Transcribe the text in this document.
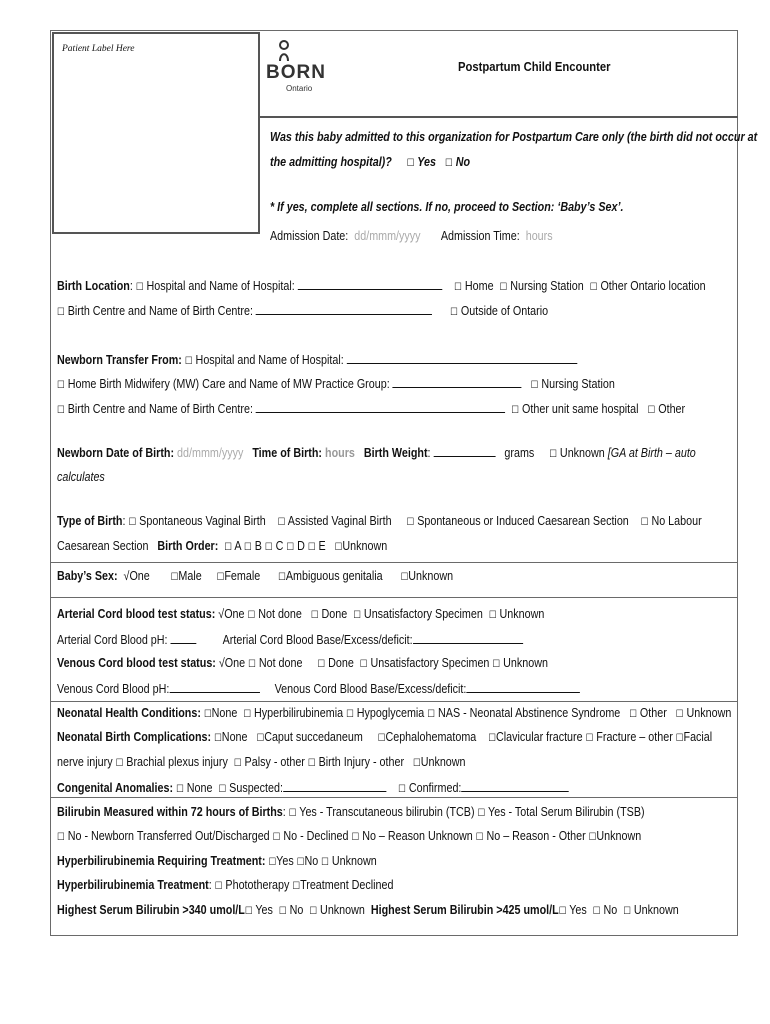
Patient Label Here
BORN
Ontario
Postpartum Child Encounter
Was this baby admitted to this organization for Postpartum Care only (the birth did not occur at
the admitting hospital)? ☐ Yes ☐ No
* If yes, complete all sections. If no, proceed to Section: ‘Baby’s Sex’.
Admission Date: dd/mmm/yyyy Admission Time: hours
Birth Location: ☐ Hospital and Name of Hospital:	☐ Home ☐ Nursing Station ☐ Other Ontario location
☐ Birth Centre and Name of Birth Centre:	☐ Outside of Ontario
Newborn Transfer From: ☐ Hospital and Name of Hospital:
☐ Home Birth Midwifery (MW) Care and Name of MW Practice Group:	☐ Nursing Station
☐ Birth Centre and Name of Birth Centre:	☐ Other unit same hospital ☐ Other
Newborn Date of Birth: dd/mmm/yyyy Time of Birth: hours Birth Weight:	grams ☐ Unknown [GA at Birth – auto
calculates
Type of Birth: ☐ Spontaneous Vaginal Birth ☐ Assisted Vaginal Birth ☐ Spontaneous or Induced Caesarean Section ☐ No Labour
Caesarean Section Birth Order: ☐ A ☐ B ☐ C ☐ D ☐ E ☐Unknown
Baby’s Sex: √One ☐Male ☐Female ☐Ambiguous genitalia ☐Unknown
Arterial Cord blood test status: √One ☐ Not done ☐ Done ☐ Unsatisfactory Specimen ☐ Unknown
Arterial Cord Blood pH:	Arterial Cord Blood Base/Excess/deficit:
Venous Cord blood test status: √One ☐ Not done ☐ Done ☐ Unsatisfactory Specimen ☐ Unknown
Venous Cord Blood pH:	Venous Cord Blood Base/Excess/deficit:
Neonatal Health Conditions: ☐None ☐ Hyperbilirubinemia ☐ Hypoglycemia ☐ NAS - Neonatal Abstinence Syndrome ☐ Other ☐ Unknown
Neonatal Birth Complications: ☐None ☐Caput succedaneum ☐Cephalohematoma ☐Clavicular fracture ☐ Fracture – other ☐Facial
nerve injury ☐ Brachial plexus injury ☐ Palsy - other ☐ Birth Injury - other ☐Unknown
Congenital Anomalies: ☐ None ☐ Suspected:	☐ Confirmed:
Bilirubin Measured within 72 hours of Births: ☐ Yes - Transcutaneous bilirubin (TCB) ☐ Yes - Total Serum Bilirubin (TSB)
☐ No - Newborn Transferred Out/Discharged ☐ No - Declined ☐ No – Reason Unknown ☐ No – Reason - Other ☐Unknown
Hyperbilirubinemia Requiring Treatment: ☐Yes ☐No ☐ Unknown
Hyperbilirubinemia Treatment: ☐ Phototherapy ☐Treatment Declined
Highest Serum Bilirubin >340 umol/L☐ Yes ☐ No ☐ Unknown Highest Serum Bilirubin >425 umol/L☐ Yes ☐ No ☐ Unknown
